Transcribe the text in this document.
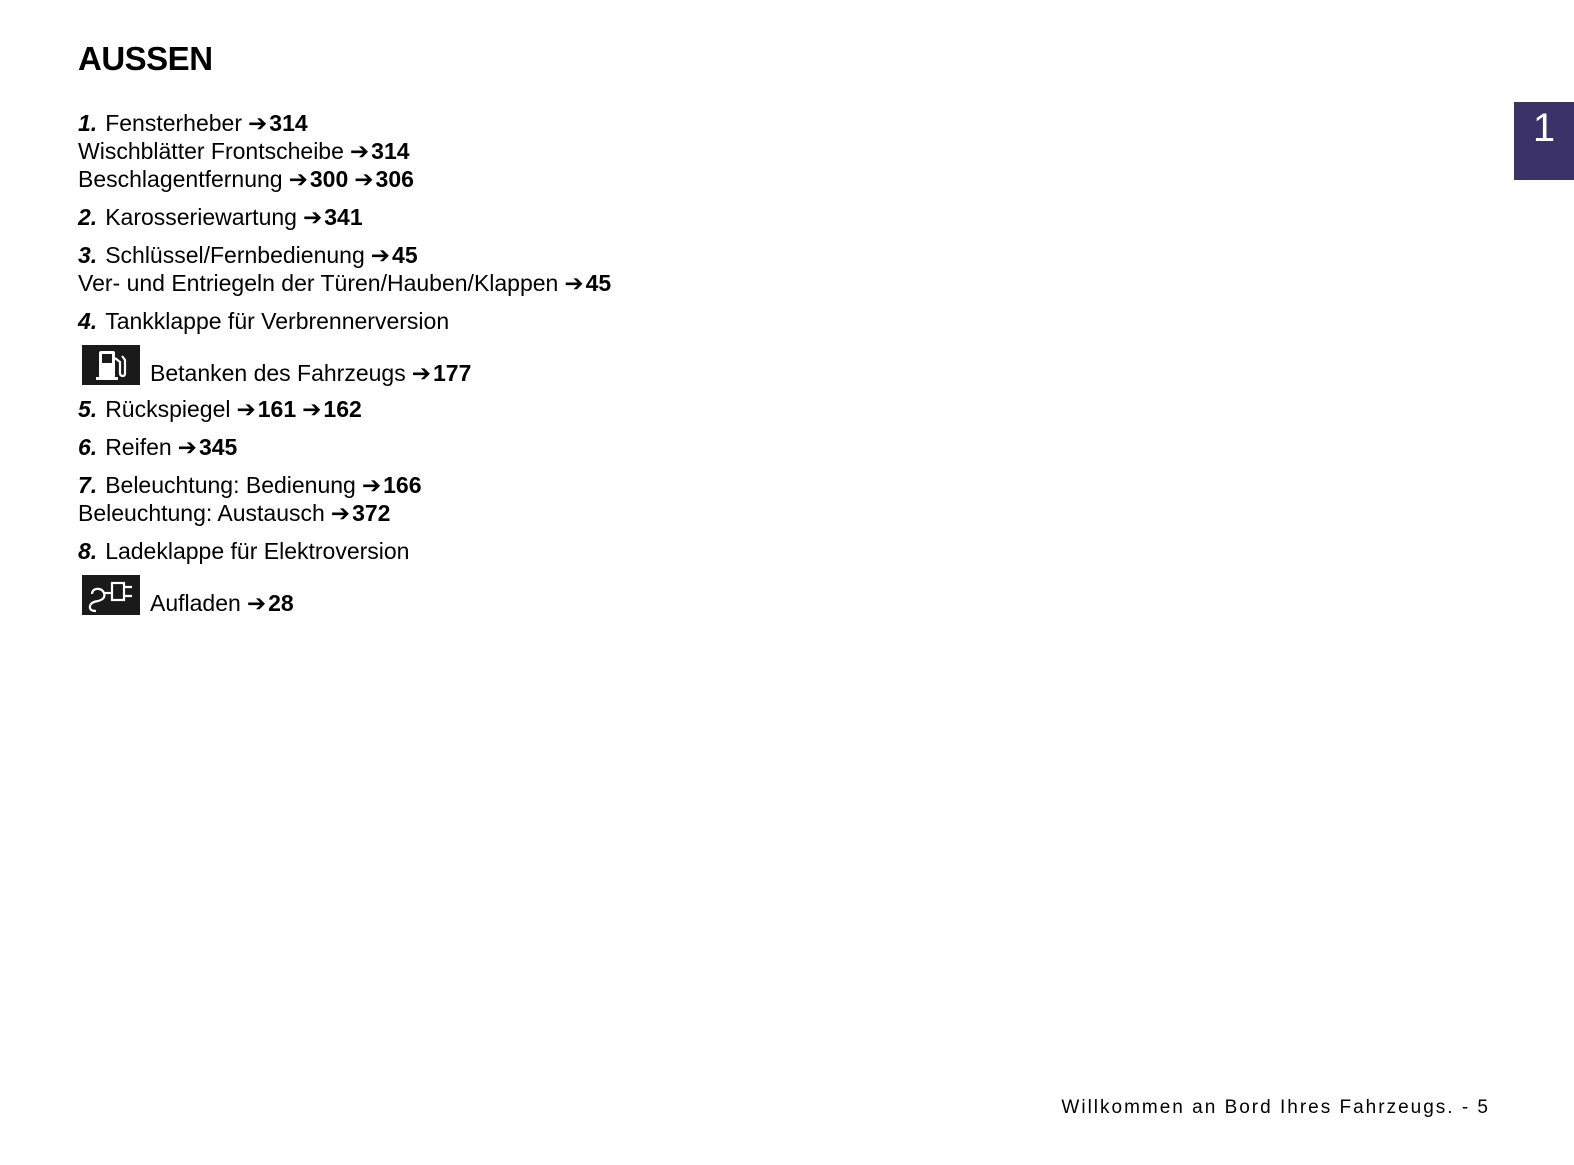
AUSSEN
1. Fensterheber ➔314
Wischblätter Frontscheibe ➔314
Beschlagentfernung ➔300 ➔306
2. Karosseriewartung ➔341
3. Schlüssel/Fernbedienung ➔45
Ver- und Entriegeln der Türen/Hauben/Klappen ➔45
4. Tankklappe für Verbrennerversion
Betanken des Fahrzeugs ➔177
5. Rückspiegel ➔161 ➔162
6. Reifen ➔345
7. Beleuchtung: Bedienung ➔166
Beleuchtung: Austausch ➔372
8. Ladeklappe für Elektroversion
Aufladen ➔28
1
Willkommen an Bord Ihres Fahrzeugs. - 5
